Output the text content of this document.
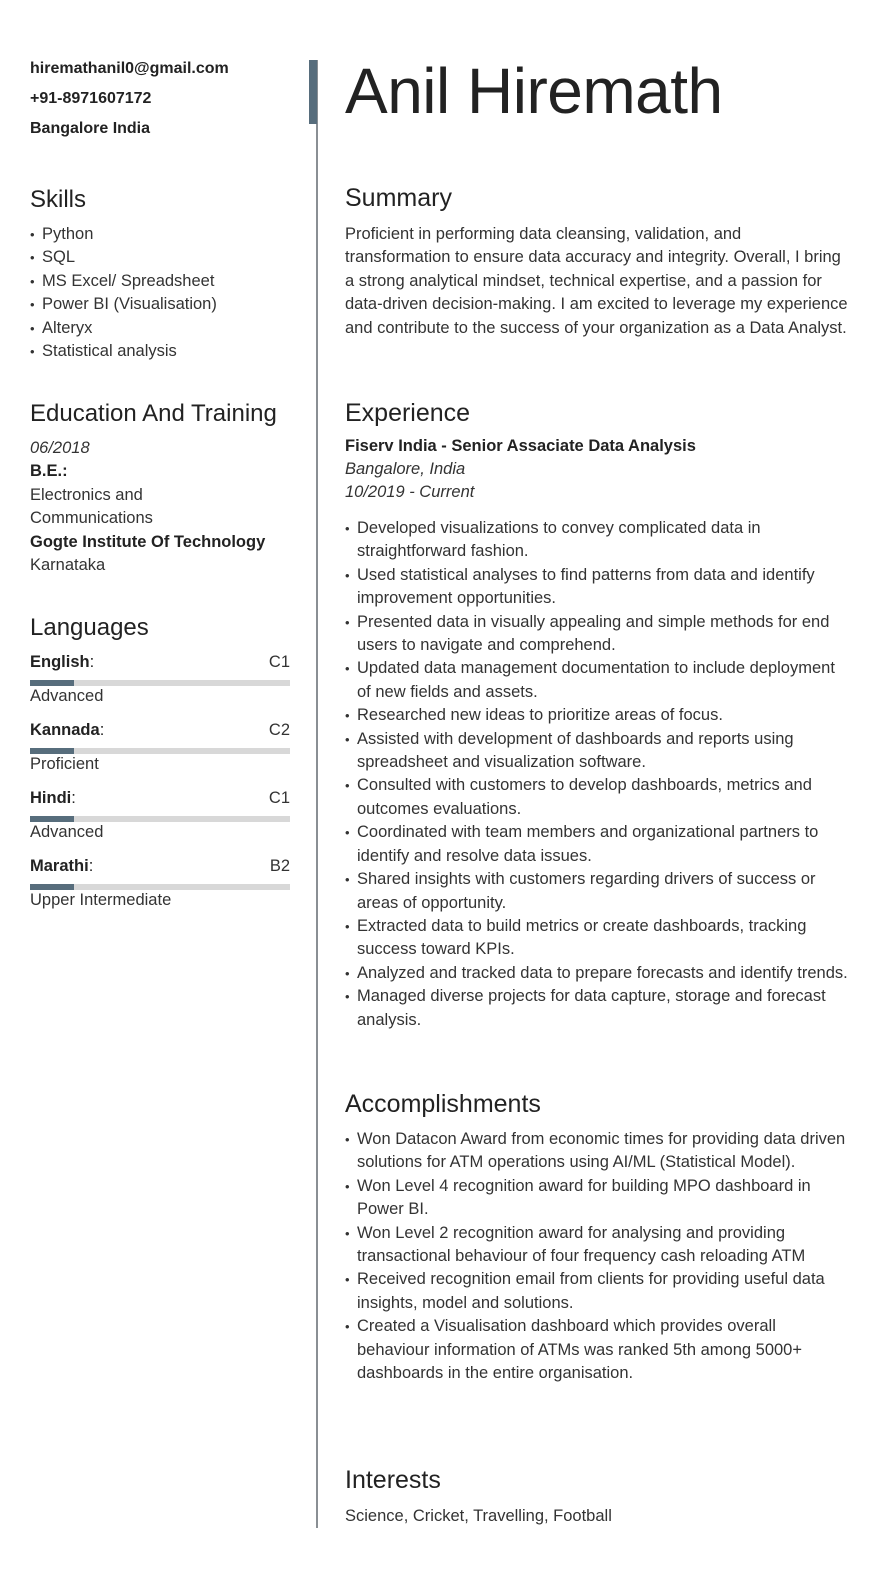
hiremathanil0@gmail.com
+91-8971607172
Bangalore India
Skills
• Python
• SQL
• MS Excel/ Spreadsheet
• Power BI (Visualisation)
• Alteryx
• Statistical analysis
Education And Training
06/2018
B.E.:
Electronics and
Communications
Gogte Institute Of Technology
Karnataka
Languages
English:	C1
Advanced
Kannada:	C2
Proficient
Hindi:	C1
Advanced
Marathi:	B2
Upper Intermediate
Anil Hiremath
Summary

Proficient in performing data cleansing, validation, and transformation to ensure data accuracy and integrity. Overall, I bring a strong analytical mindset, technical expertise, and a passion for data-driven decision-making. I am excited to leverage my experience and contribute to the success of your organization as a Data Analyst.

Experience
Fiserv India - Senior Assaciate Data Analysis
Bangalore, India
10/2019 - Current
• Developed visualizations to convey complicated data in straightforward fashion.
• Used statistical analyses to find patterns from data and identify improvement opportunities.
• Presented data in visually appealing and simple methods for end users to navigate and comprehend.
• Updated data management documentation to include deployment of new fields and assets.
• Researched new ideas to prioritize areas of focus.
• Assisted with development of dashboards and reports using spreadsheet and visualization software.
• Consulted with customers to develop dashboards, metrics and outcomes evaluations.
• Coordinated with team members and organizational partners to identify and resolve data issues.
• Shared insights with customers regarding drivers of success or areas of opportunity.
• Extracted data to build metrics or create dashboards, tracking success toward KPIs.
• Analyzed and tracked data to prepare forecasts and identify trends.
• Managed diverse projects for data capture, storage and forecast analysis.
Accomplishments
• Won Datacon Award from economic times for providing data driven solutions for ATM operations using AI/ML (Statistical Model).
• Won Level 4 recognition award for building MPO dashboard in Power BI.
• Won Level 2 recognition award for analysing and providing transactional behaviour of four frequency cash reloading ATM
• Received recognition email from clients for providing useful data insights, model and solutions.
• Created a Visualisation dashboard which provides overall behaviour information of ATMs was ranked 5th among 5000+ dashboards in the entire organisation.
Interests
Science, Cricket, Travelling, Football
